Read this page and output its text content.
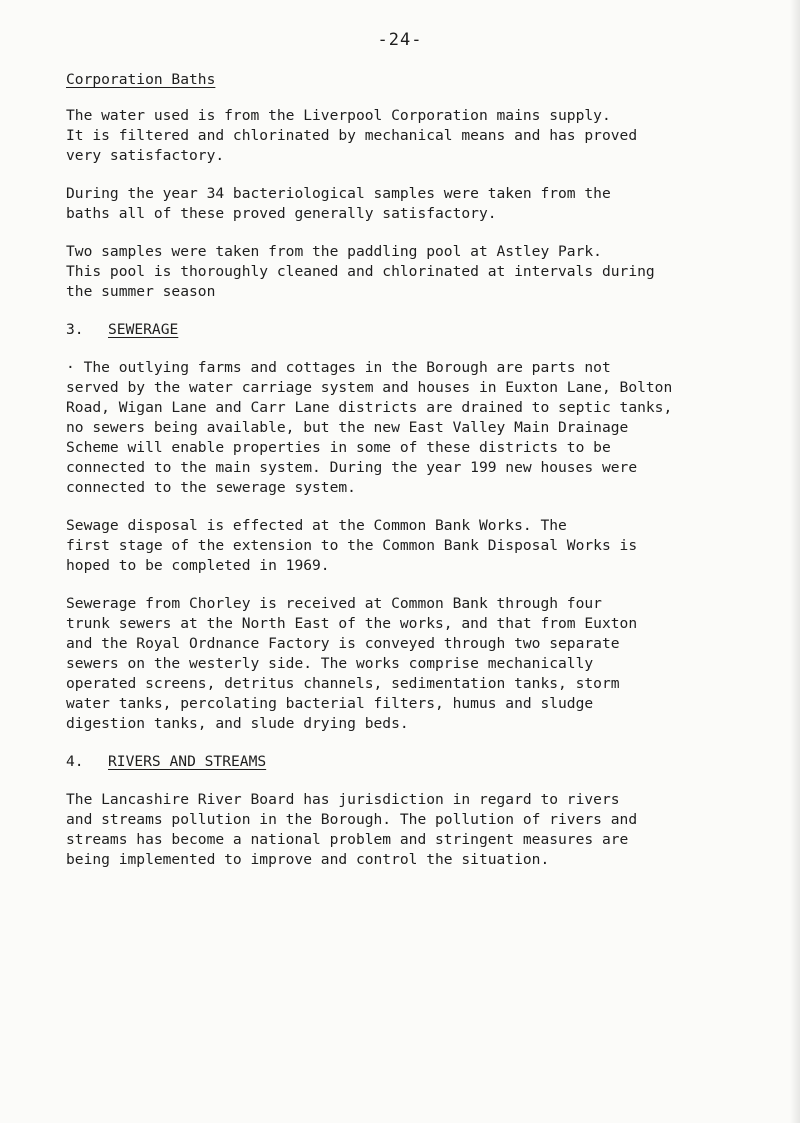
-24-

Corporation Baths

The water used is from the Liverpool Corporation mains supply.
It is filtered and chlorinated by mechanical means and has proved
very satisfactory.

During the year 34 bacteriological samples were taken from the
baths all of these proved generally satisfactory.

Two samples were taken from the paddling pool at Astley Park.
This pool is thoroughly cleaned and chlorinated at intervals during
the summer season

3. SEWERAGE

· The outlying farms and cottages in the Borough are parts not
served by the water carriage system and houses in Euxton Lane, Bolton
Road, Wigan Lane and Carr Lane districts are drained to septic tanks,
no sewers being available, but the new East Valley Main Drainage
Scheme will enable properties in some of these districts to be
connected to the main system. During the year 199 new houses were
connected to the sewerage system.

Sewage disposal is effected at the Common Bank Works. The
first stage of the extension to the Common Bank Disposal Works is
hoped to be completed in 1969.

Sewerage from Chorley is received at Common Bank through four
trunk sewers at the North East of the works, and that from Euxton
and the Royal Ordnance Factory is conveyed through two separate
sewers on the westerly side. The works comprise mechanically
operated screens, detritus channels, sedimentation tanks, storm
water tanks, percolating bacterial filters, humus and sludge
digestion tanks, and slude drying beds.

4. RIVERS AND STREAMS

The Lancashire River Board has jurisdiction in regard to rivers
and streams pollution in the Borough. The pollution of rivers and
streams has become a national problem and stringent measures are
being implemented to improve and control the situation.
